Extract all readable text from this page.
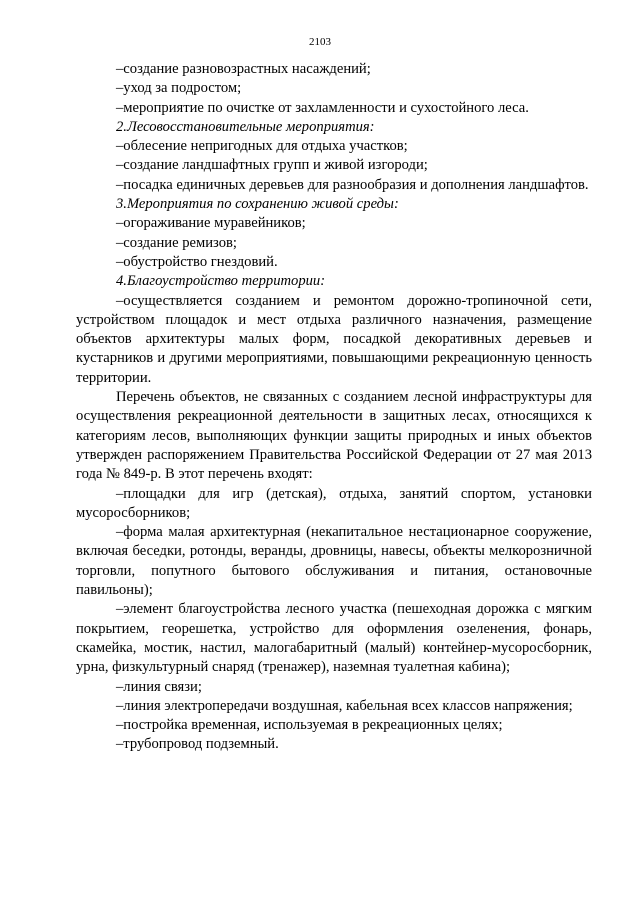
2103

–создание разновозрастных насаждений;

–уход за подростом;

–мероприятие по очистке от захламленности и сухостойного леса.

2.Лесовосстановительные мероприятия:

–облесение непригодных для отдыха участков;

–создание ландшафтных групп и живой изгороди;

–посадка единичных деревьев для разнообразия и дополнения ландшафтов.

3.Мероприятия по сохранению живой среды:

–огораживание муравейников;

–создание ремизов;

–обустройство гнездовий.

4.Благоустройство территории:

–осуществляется созданием и ремонтом дорожно-тропиночной сети, устройством площадок и мест отдыха различного назначения, размещение объектов архитектуры малых форм, посадкой декоративных деревьев и кустарников и другими мероприятиями, повышающими рекреационную ценность территории.

Перечень объектов, не связанных с созданием лесной инфраструктуры для осуществления рекреационной деятельности в защитных лесах, относящихся к категориям лесов, выполняющих функции защиты природных и иных объектов утвержден распоряжением Правительства Российской Федерации от 27 мая 2013 года № 849-р. В этот перечень входят:

–площадки для игр (детская), отдыха, занятий спортом, установки мусоросборников;

–форма малая архитектурная (некапитальное нестационарное сооружение, включая беседки, ротонды, веранды, дровницы, навесы, объекты мелкорозничной торговли, попутного бытового обслуживания и питания, остановочные павильоны);

–элемент благоустройства лесного участка (пешеходная дорожка с мягким покрытием, георешетка, устройство для оформления озеленения, фонарь, скамейка, мостик, настил, малогабаритный (малый) контейнер-мусоросборник, урна, физкультурный снаряд (тренажер), наземная туалетная кабина);

–линия связи;

–линия электропередачи воздушная, кабельная всех классов напряжения;

–постройка временная, используемая в рекреационных целях;

–трубопровод подземный.
